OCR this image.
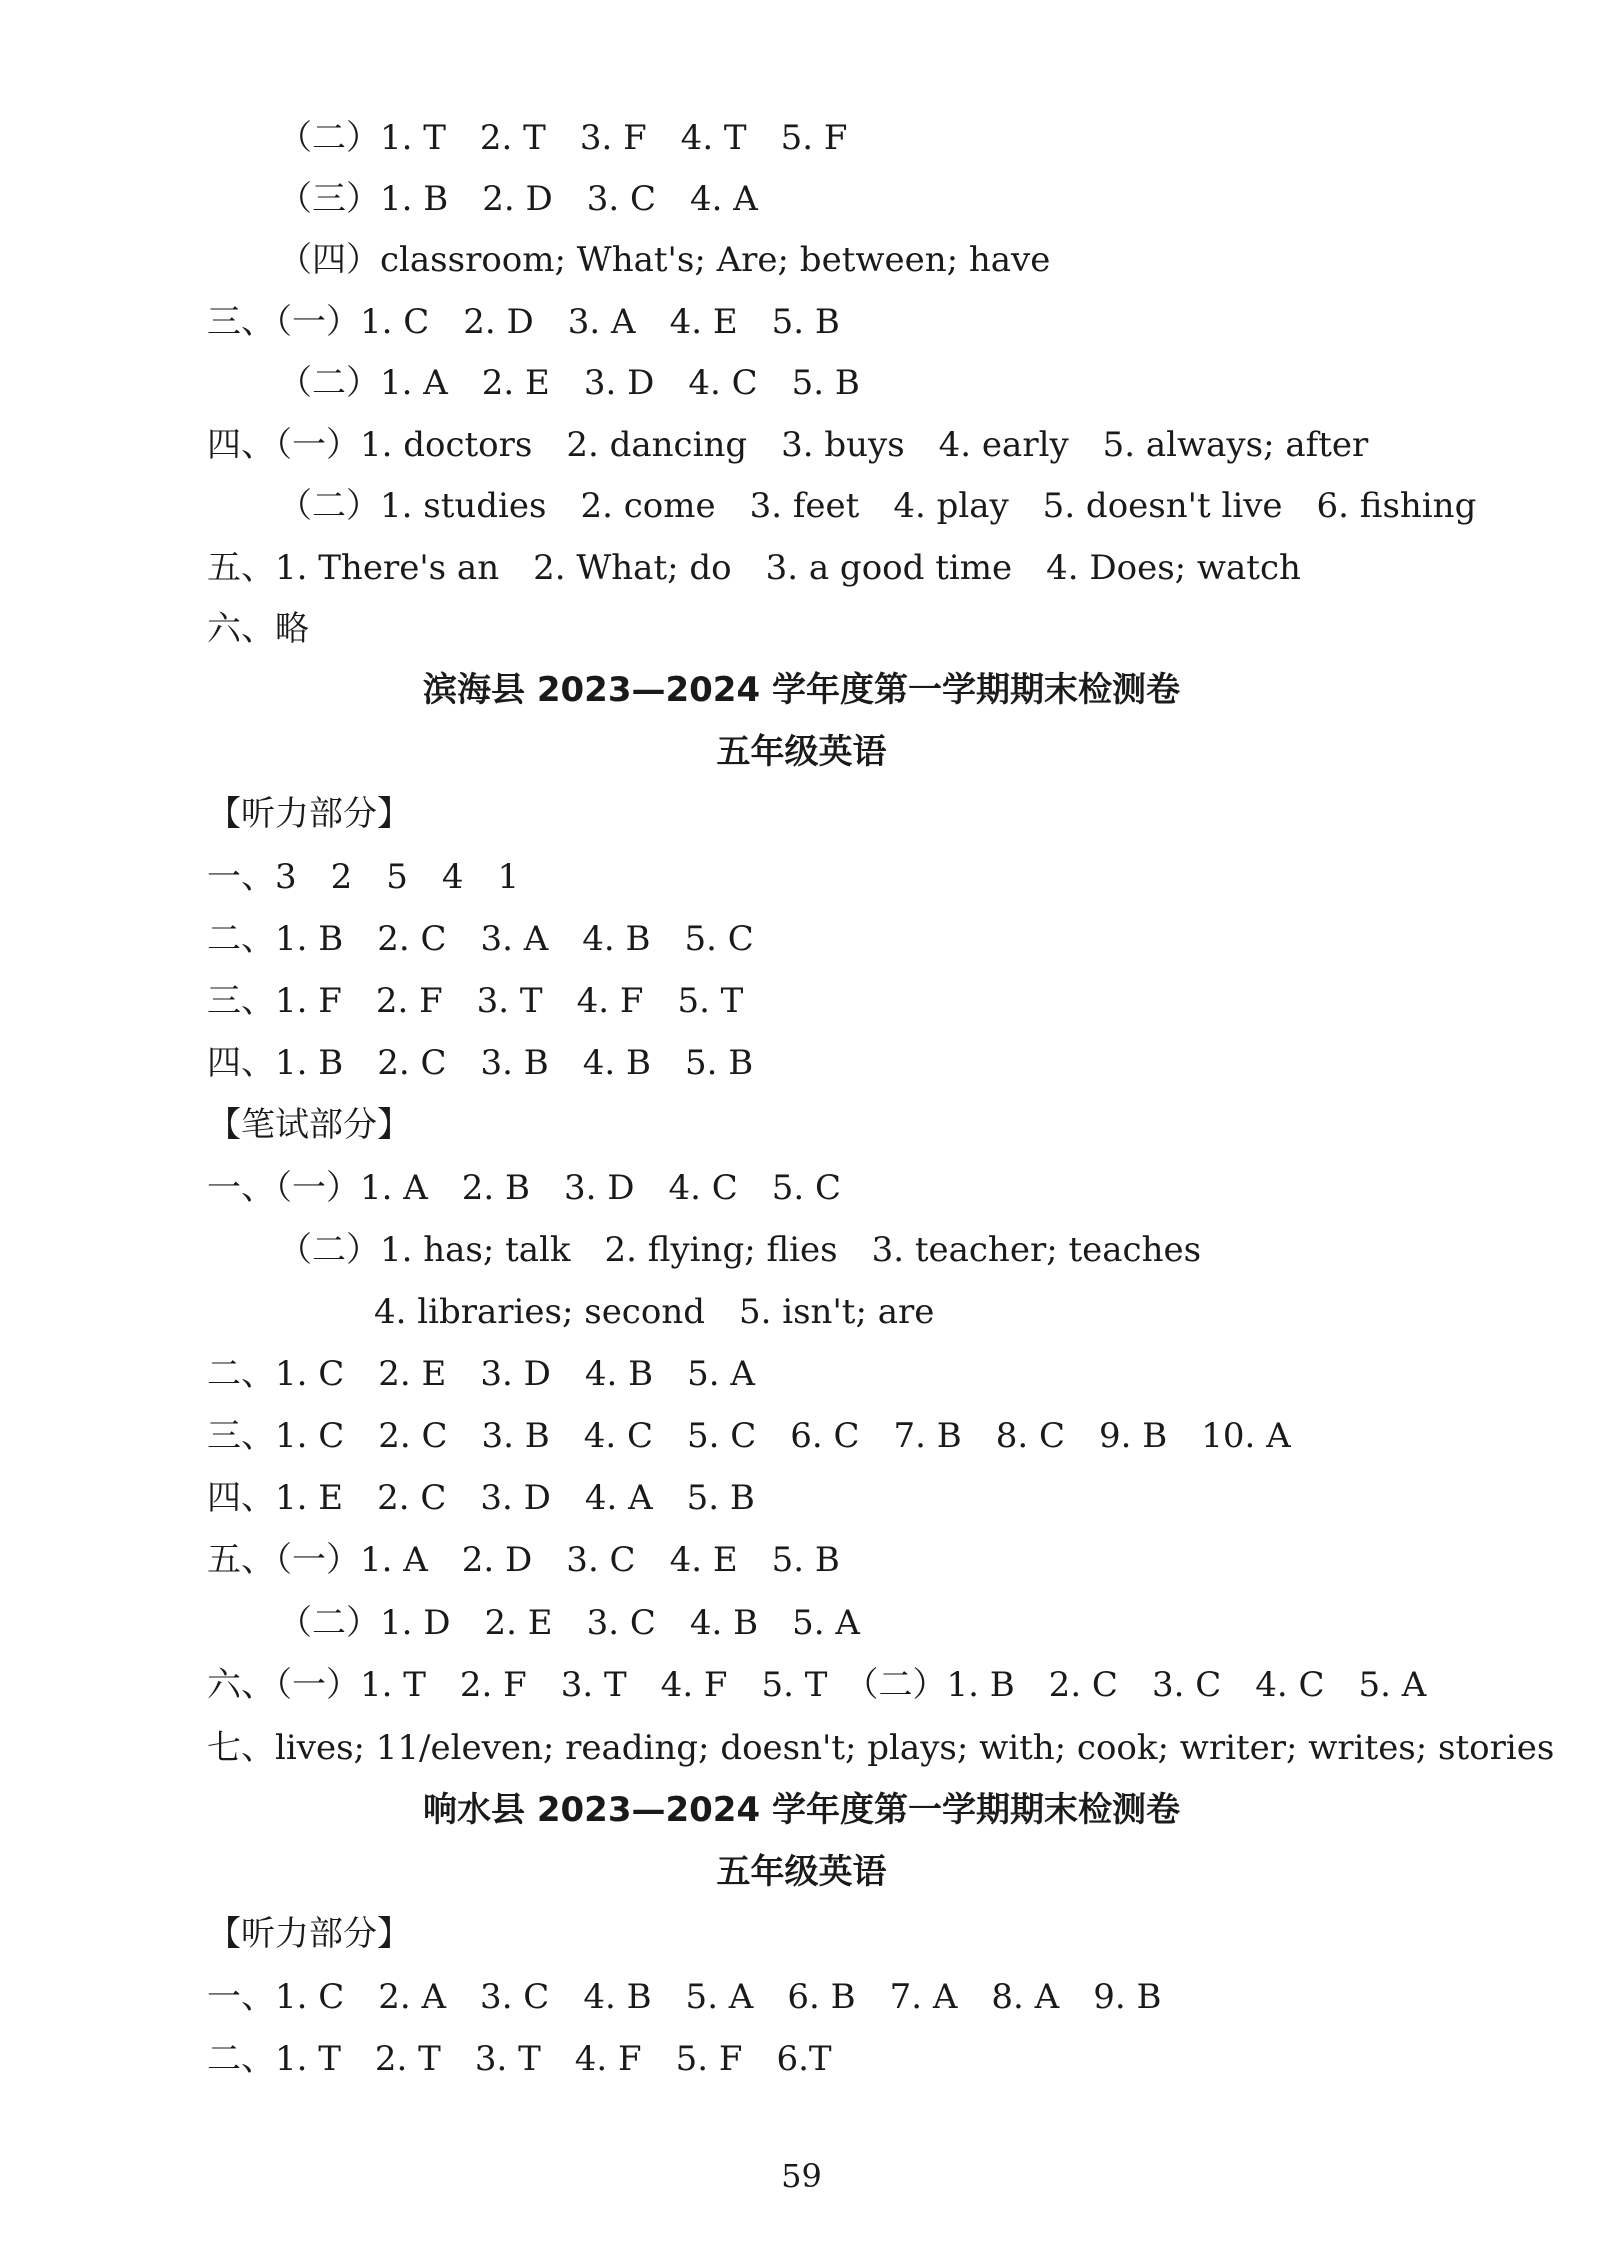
（二）1. T　2. T　3. F　4. T　5. F
（三）1. B　2. D　3. C　4. A
（四）classroom; What's; Are; between; have
三、（一）1. C　2. D　3. A　4. E　5. B
（二）1. A　2. E　3. D　4. C　5. B
四、（一）1. doctors　2. dancing　3. buys　4. early　5. always; after
（二）1. studies　2. come　3. feet　4. play　5. doesn't live　6. fishing
五、1. There's an　2. What; do　3. a good time　4. Does; watch
六、略
滨海县 2023—2024 学年度第一学期期末检测卷
五年级英语
【听力部分】
一、3　2　5　4　1
二、1. B　2. C　3. A　4. B　5. C
三、1. F　2. F　3. T　4. F　5. T
四、1. B　2. C　3. B　4. B　5. B
【笔试部分】
一、（一）1. A　2. B　3. D　4. C　5. C
（二）1. has; talk　2. flying; flies　3. teacher; teaches
4. libraries; second　5. isn't; are
二、1. C　2. E　3. D　4. B　5. A
三、1. C　2. C　3. B　4. C　5. C　6. C　7. B　8. C　9. B　10. A
四、1. E　2. C　3. D　4. A　5. B
五、（一）1. A　2. D　3. C　4. E　5. B
（二）1. D　2. E　3. C　4. B　5. A
六、（一）1. T　2. F　3. T　4. F　5. T　（二）1. B　2. C　3. C　4. C　5. A
七、lives; 11/eleven; reading; doesn't; plays; with; cook; writer; writes; stories
响水县 2023—2024 学年度第一学期期末检测卷
五年级英语
【听力部分】
一、1. C　2. A　3. C　4. B　5. A　6. B　7. A　8. A　9. B
二、1. T　2. T　3. T　4. F　5. F　6.T
59
